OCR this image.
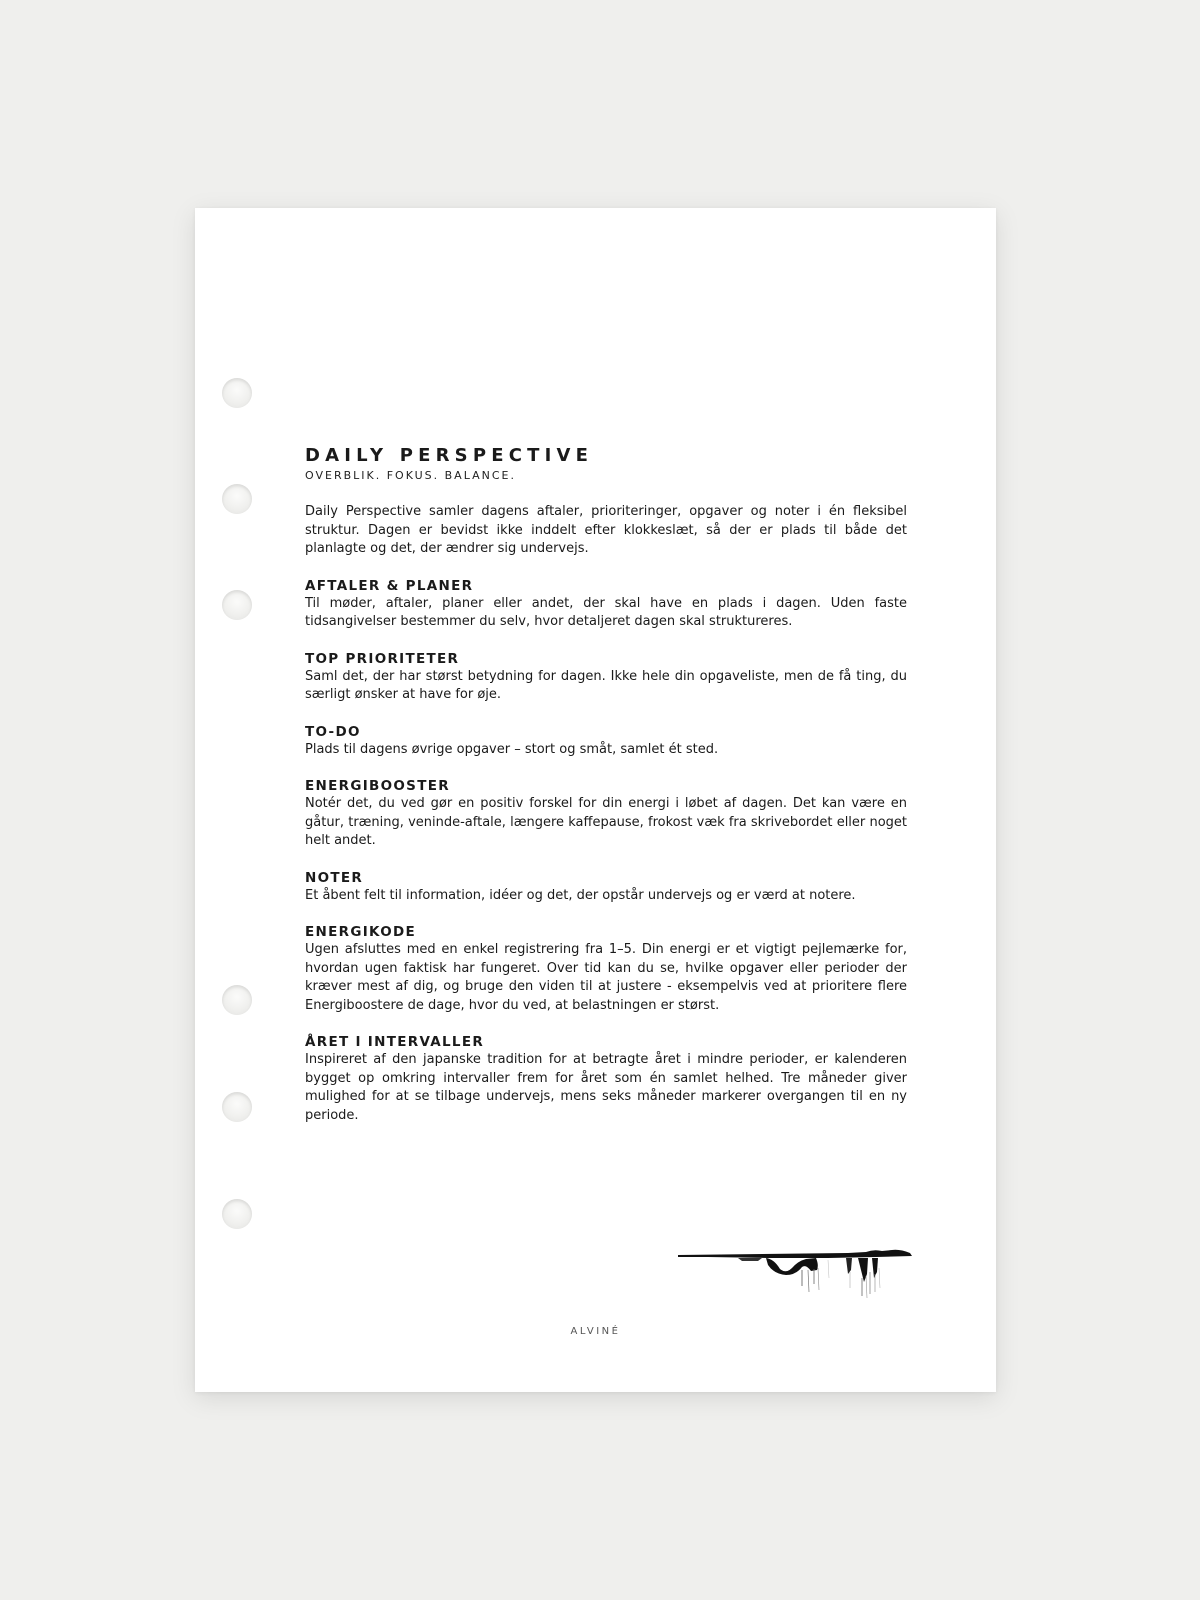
DAILY PERSPECTIVE
OVERBLIK. FOKUS. BALANCE.

Daily Perspective samler dagens aftaler, prioriteringer, opgaver og noter i én fleksibel struktur. Dagen er bevidst ikke inddelt efter klokkeslæt, så der er plads til både det planlagte og det, der ændrer sig undervejs.

AFTALER & PLANER

Til møder, aftaler, planer eller andet, der skal have en plads i dagen. Uden faste tidsangivelser bestemmer du selv, hvor detaljeret dagen skal struktureres.

TOP PRIORITETER

Saml det, der har størst betydning for dagen. Ikke hele din opgaveliste, men de få ting, du særligt ønsker at have for øje.

TO-DO

Plads til dagens øvrige opgaver – stort og småt, samlet ét sted.

ENERGIBOOSTER

Notér det, du ved gør en positiv forskel for din energi i løbet af dagen. Det kan være en gåtur, træning, veninde-aftale, længere kaffepause, frokost væk fra skrivebordet eller noget helt andet.

NOTER

Et åbent felt til information, idéer og det, der opstår undervejs og er værd at notere.

ENERGIKODE

Ugen afsluttes med en enkel registrering fra 1–5. Din energi er et vigtigt pejlemærke for, hvordan ugen faktisk har fungeret. Over tid kan du se, hvilke opgaver eller perioder der kræver mest af dig, og bruge den viden til at justere - eksempelvis ved at prioritere flere Energiboostere de dage, hvor du ved, at belastningen er størst.

ÅRET I INTERVALLER

Inspireret af den japanske tradition for at betragte året i mindre perioder, er kalenderen bygget op omkring intervaller frem for året som én samlet helhed. Tre måneder giver mulighed for at se tilbage undervejs, mens seks måneder markerer overgangen til en ny periode.

ALVINÉ
